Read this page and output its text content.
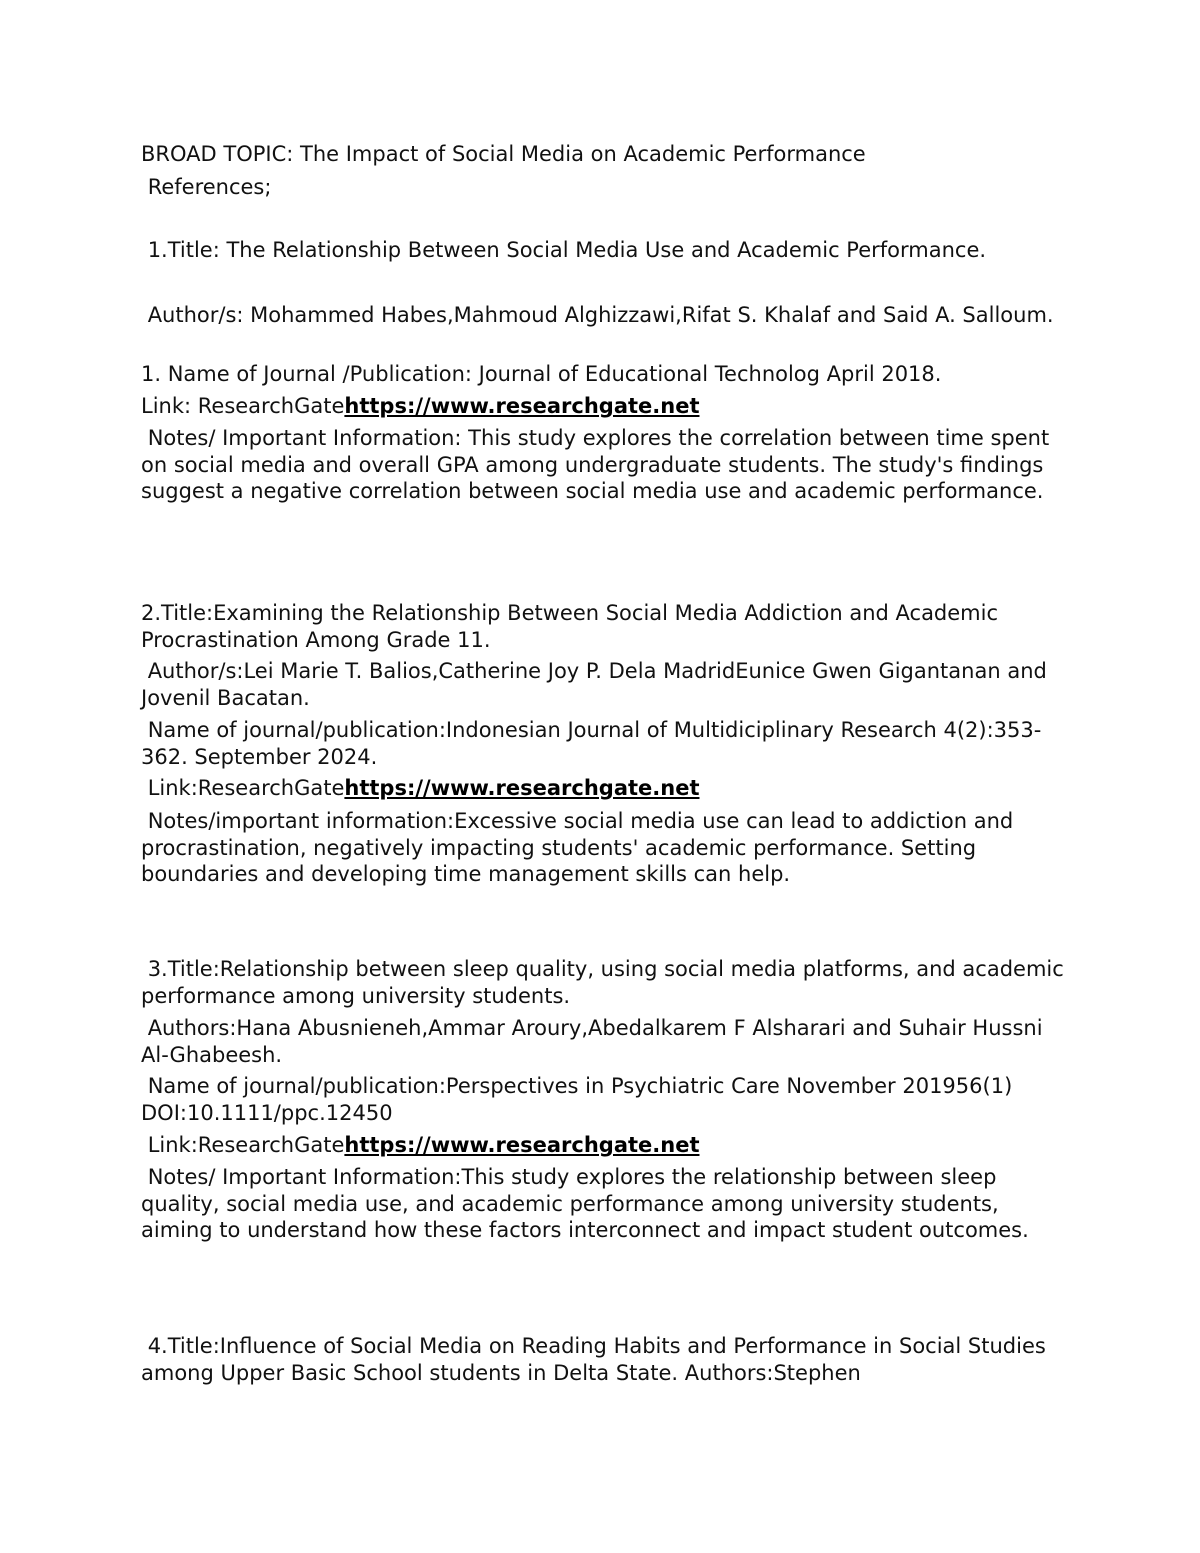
BROAD TOPIC: The Impact of Social Media on Academic Performance
References;
1.Title: The Relationship Between Social Media Use and Academic Performance.
Author/s: Mohammed Habes,Mahmoud Alghizzawi,Rifat S. Khalaf and Said A. Salloum.
1. Name of Journal /Publication: Journal of Educational Technolog April 2018.
Link: ResearchGatehttps://www.researchgate.net
Notes/ Important Information: This study explores the correlation between time spent on social media and overall GPA among undergraduate students. The study's findings suggest a negative correlation between social media use and academic performance.
2.Title:Examining the Relationship Between Social Media Addiction and Academic Procrastination Among Grade 11.
Author/s:Lei Marie T. Balios,Catherine Joy P. Dela MadridEunice Gwen Gigantanan and Jovenil Bacatan.
Name of journal/publication:Indonesian Journal of Multidiciplinary Research 4(2):353-362. September 2024.
Link:ResearchGatehttps://www.researchgate.net
Notes/important information:Excessive social media use can lead to addiction and procrastination, negatively impacting students' academic performance. Setting boundaries and developing time management skills can help.
3.Title:Relationship between sleep quality, using social media platforms, and academic performance among university students.
Authors:Hana Abusnieneh,Ammar Aroury,Abedalkarem F Alsharari and Suhair Hussni Al-Ghabeesh.
Name of journal/publication:Perspectives in Psychiatric Care November 201956(1) DOI:10.1111/ppc.12450
Link:ResearchGatehttps://www.researchgate.net
Notes/ Important Information:This study explores the relationship between sleep quality, social media use, and academic performance among university students, aiming to understand how these factors interconnect and impact student outcomes.
4.Title:Influence of Social Media on Reading Habits and Performance in Social Studies among Upper Basic School students in Delta State. Authors:Stephen
